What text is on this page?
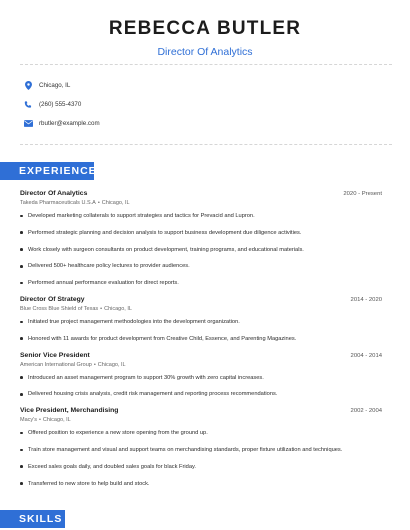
REBECCA BUTLER
Director Of Analytics
Chicago, IL
(260) 555-4370
rbutler@example.com
EXPERIENCE
Director Of Analytics	2020 - Present
Takeda Pharmaceuticals U.S.A • Chicago, IL
Developed marketing collaterals to support strategies and tactics for Prevacid and Lupron.
Performed strategic planning and decision analysis to support business development due diligence activities.
Work closely with surgeon consultants on product development, training programs, and educational materials.
Delivered 500+ healthcare policy lectures to provider audiences.
Performed annual performance evaluation for direct reports.
Director Of Strategy	2014 - 2020
Blue Cross Blue Shield of Texas • Chicago, IL
Initiated true project management methodologies into the development organization.
Honored with 11 awards for product development from Creative Child, Essence, and Parenting Magazines.
Senior Vice President	2004 - 2014
American International Group • Chicago, IL
Introduced an asset management program to support 30% growth with zero capital increases.
Delivered housing crisis analysis, credit risk management and reporting process recommendations.
Vice President, Merchandising	2002 - 2004
Macy's • Chicago, IL
Offered position to experience a new store opening from the ground up.
Train store management and visual and support teams on merchandising standards, proper fixture utilization and techniques.
Exceed sales goals daily, and doubled sales goals for black Friday.
Transferred to new store to help build and stock.
SKILLS
